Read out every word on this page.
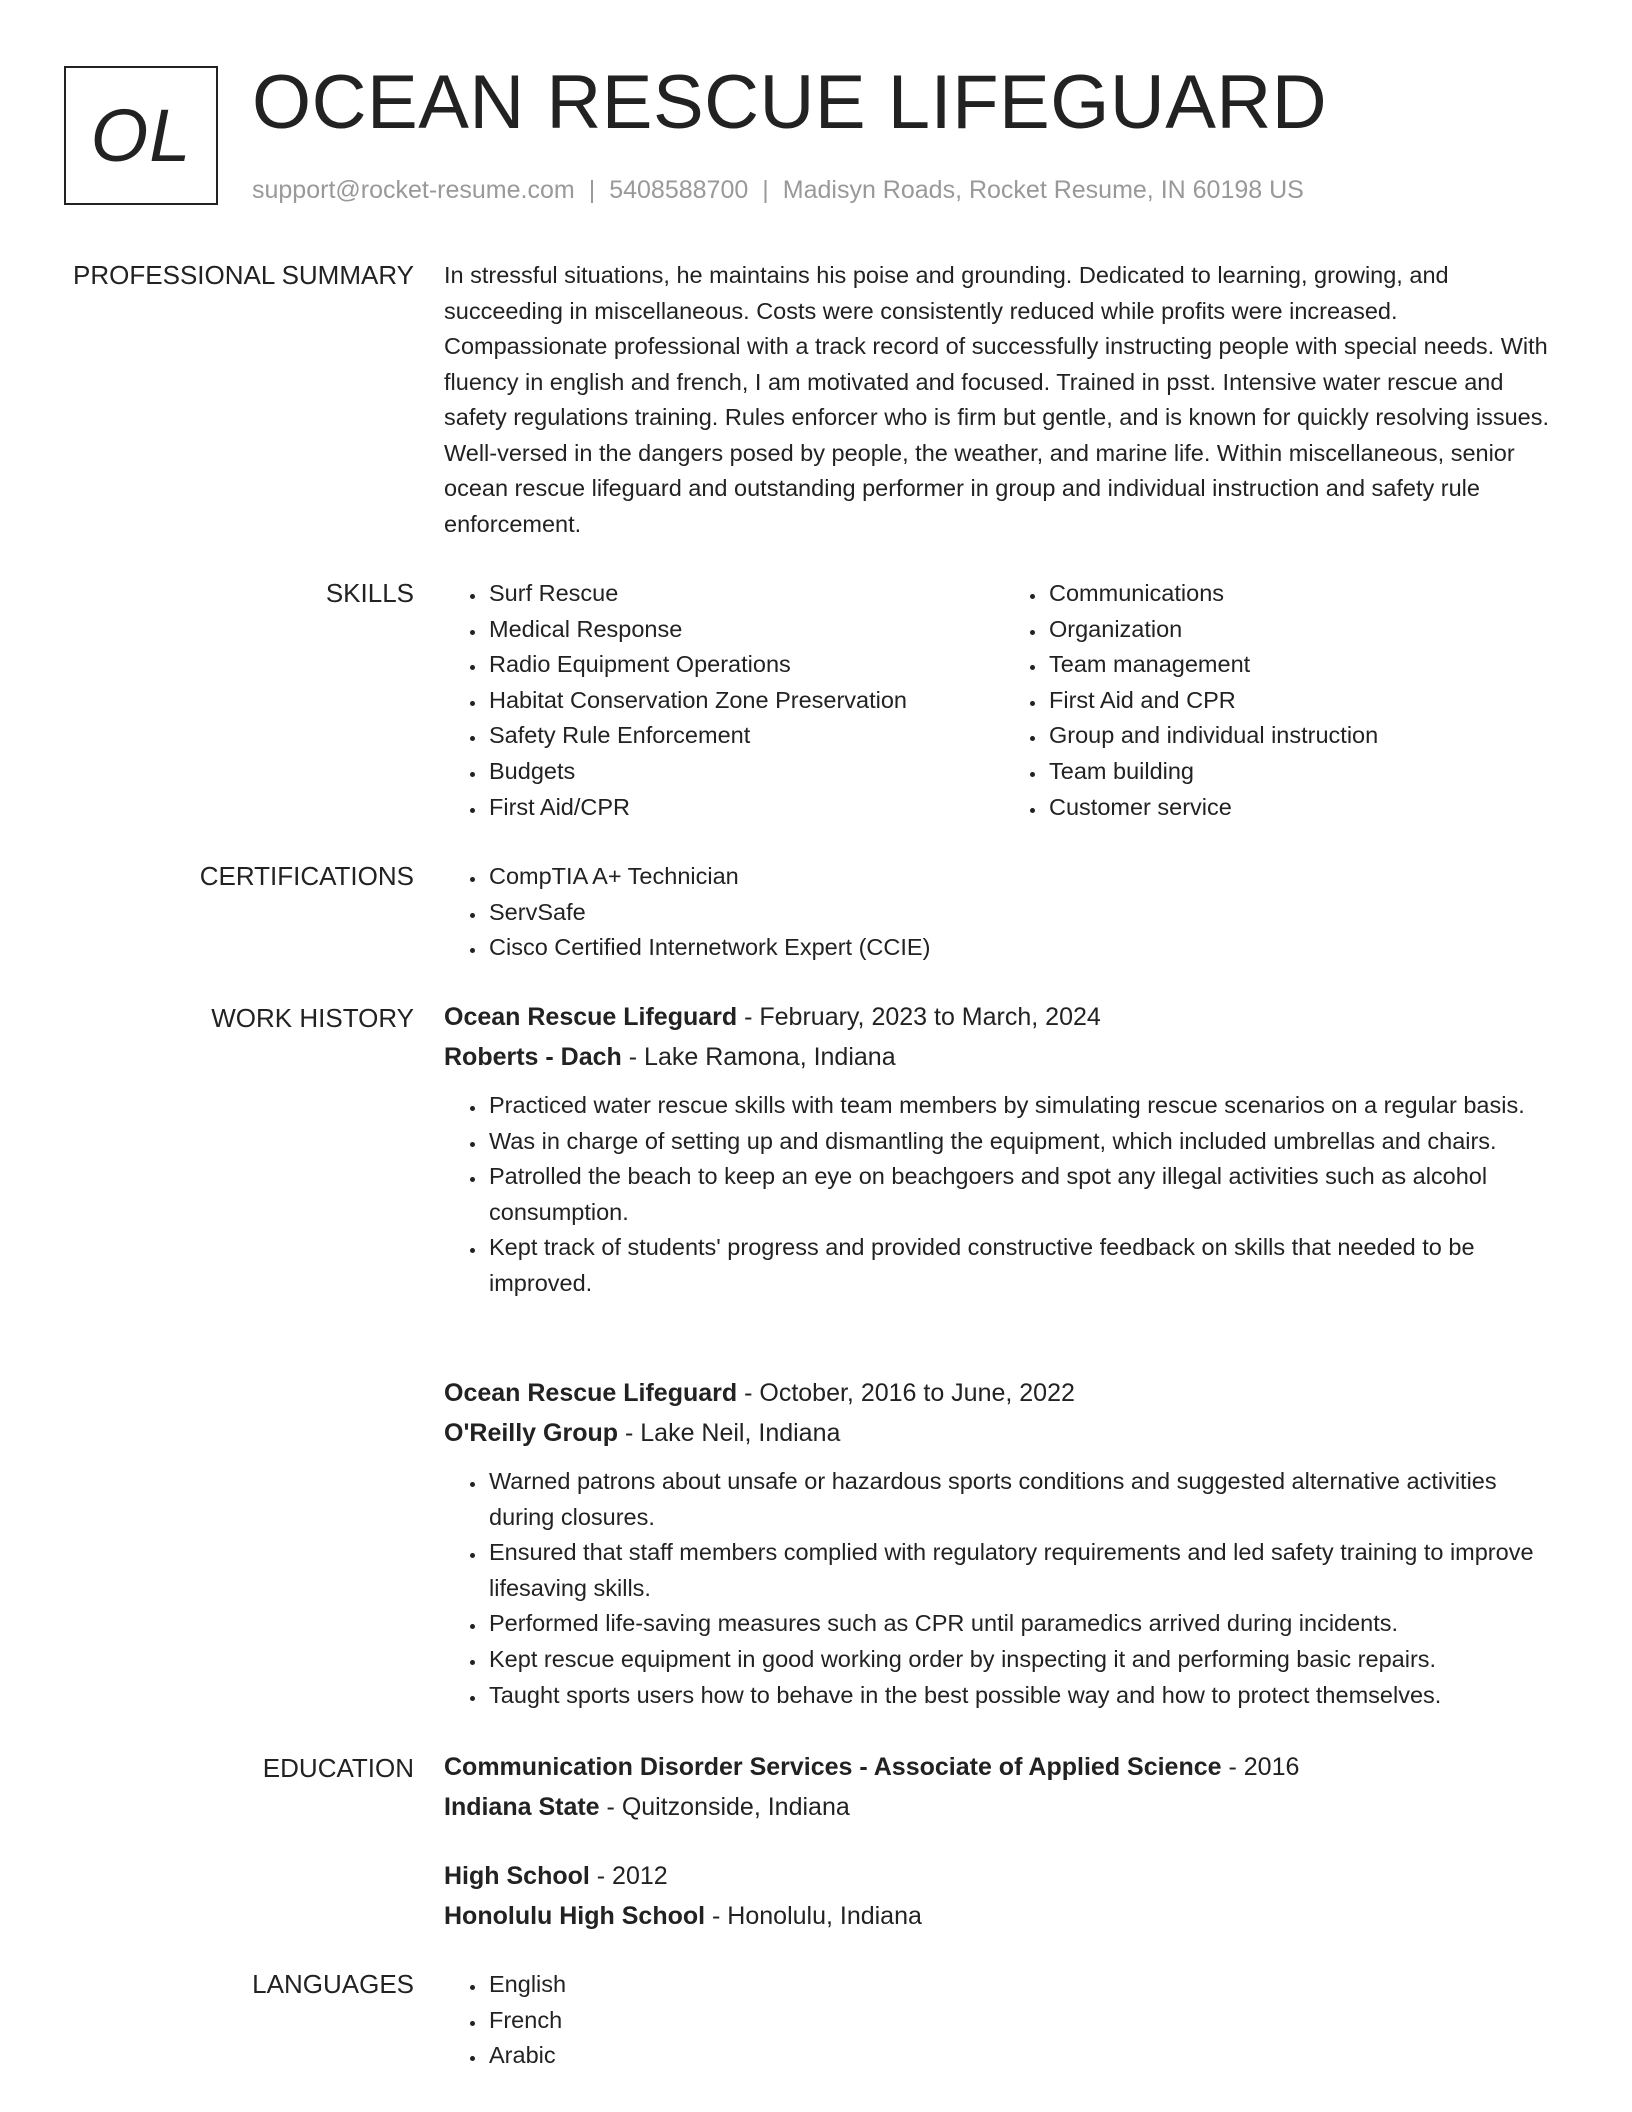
OL OCEAN RESCUE LIFEGUARD
support@rocket-resume.com | 5408588700 | Madisyn Roads, Rocket Resume, IN 60198 US
PROFESSIONAL SUMMARY In stressful situations, he maintains his poise and grounding. Dedicated to learning, growing, and succeeding in miscellaneous. Costs were consistently reduced while profits were increased. Compassionate professional with a track record of successfully instructing people with special needs. With fluency in english and french, I am motivated and focused. Trained in psst. Intensive water rescue and safety regulations training. Rules enforcer who is firm but gentle, and is known for quickly resolving issues. Well-versed in the dangers posed by people, the weather, and marine life. Within miscellaneous, senior ocean rescue lifeguard and outstanding performer in group and individual instruction and safety rule enforcement.

SKILLS	• Surf Rescue
• Medical Response
• Radio Equipment Operations
• Habitat Conservation Zone Preservation
• Safety Rule Enforcement
• Budgets
• First Aid/CPR
• Communications
• Organization
• Team management
• First Aid and CPR
• Group and individual instruction
• Team building
• Customer service
CERTIFICATIONS	• CompTIA A+ Technician
• ServSafe
• Cisco Certified Internetwork Expert (CCIE)
WORK HISTORY Ocean Rescue Lifeguard - February, 2023 to March, 2024

Roberts - Dach - Lake Ramona, Indiana

• Practiced water rescue skills with team members by simulating rescue scenarios on a regular basis.
• Was in charge of setting up and dismantling the equipment, which included umbrellas and chairs.
• Patrolled the beach to keep an eye on beachgoers and spot any illegal activities such as alcohol consumption.
• Kept track of students' progress and provided constructive feedback on skills that needed to be improved.

Ocean Rescue Lifeguard - October, 2016 to June, 2022

O'Reilly Group - Lake Neil, Indiana

• Warned patrons about unsafe or hazardous sports conditions and suggested alternative activities during closures.
• Ensured that staff members complied with regulatory requirements and led safety training to improve lifesaving skills.
• Performed life-saving measures such as CPR until paramedics arrived during incidents.
• Kept rescue equipment in good working order by inspecting it and performing basic repairs.
• Taught sports users how to behave in the best possible way and how to protect themselves.
EDUCATION Communication Disorder Services - Associate of Applied Science - 2016

Indiana State - Quitzonside, Indiana

High School - 2012

Honolulu High School - Honolulu, Indiana

LANGUAGES	• English
• French
• Arabic
